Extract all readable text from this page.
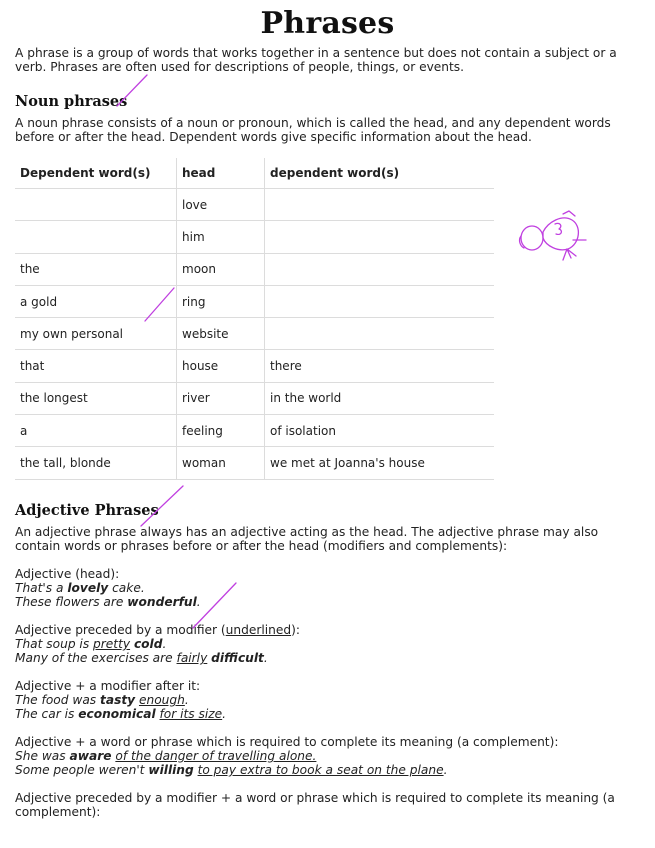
Phrases
A phrase is a group of words that works together in a sentence but does not contain a subject or a verb. Phrases are often used for descriptions of people, things, or events.
Noun phrases
A noun phrase consists of a noun or pronoun, which is called the head, and any dependent words before or after the head. Dependent words give specific information about the head.
Dependent word(s)	head	dependent word(s)
	love	
	him	
the	moon	
a gold	ring	
my own personal	website	
that	house	there
the longest	river	in the world
a	feeling	of isolation
the tall, blonde	woman	we met at Joanna's house
Adjective Phrases
An adjective phrase always has an adjective acting as the head. The adjective phrase may also contain words or phrases before or after the head (modifiers and complements):
Adjective (head):
That's a lovely cake.
These flowers are wonderful.
Adjective preceded by a modifier (underlined):
That soup is pretty cold.
Many of the exercises are fairly difficult.
Adjective + a modifier after it:
The food was tasty enough.
The car is economical for its size.
Adjective + a word or phrase which is required to complete its meaning (a complement):
She was aware of the danger of travelling alone.
Some people weren't willing to pay extra to book a seat on the plane.
Adjective preceded by a modifier + a word or phrase which is required to complete its meaning (a complement):
